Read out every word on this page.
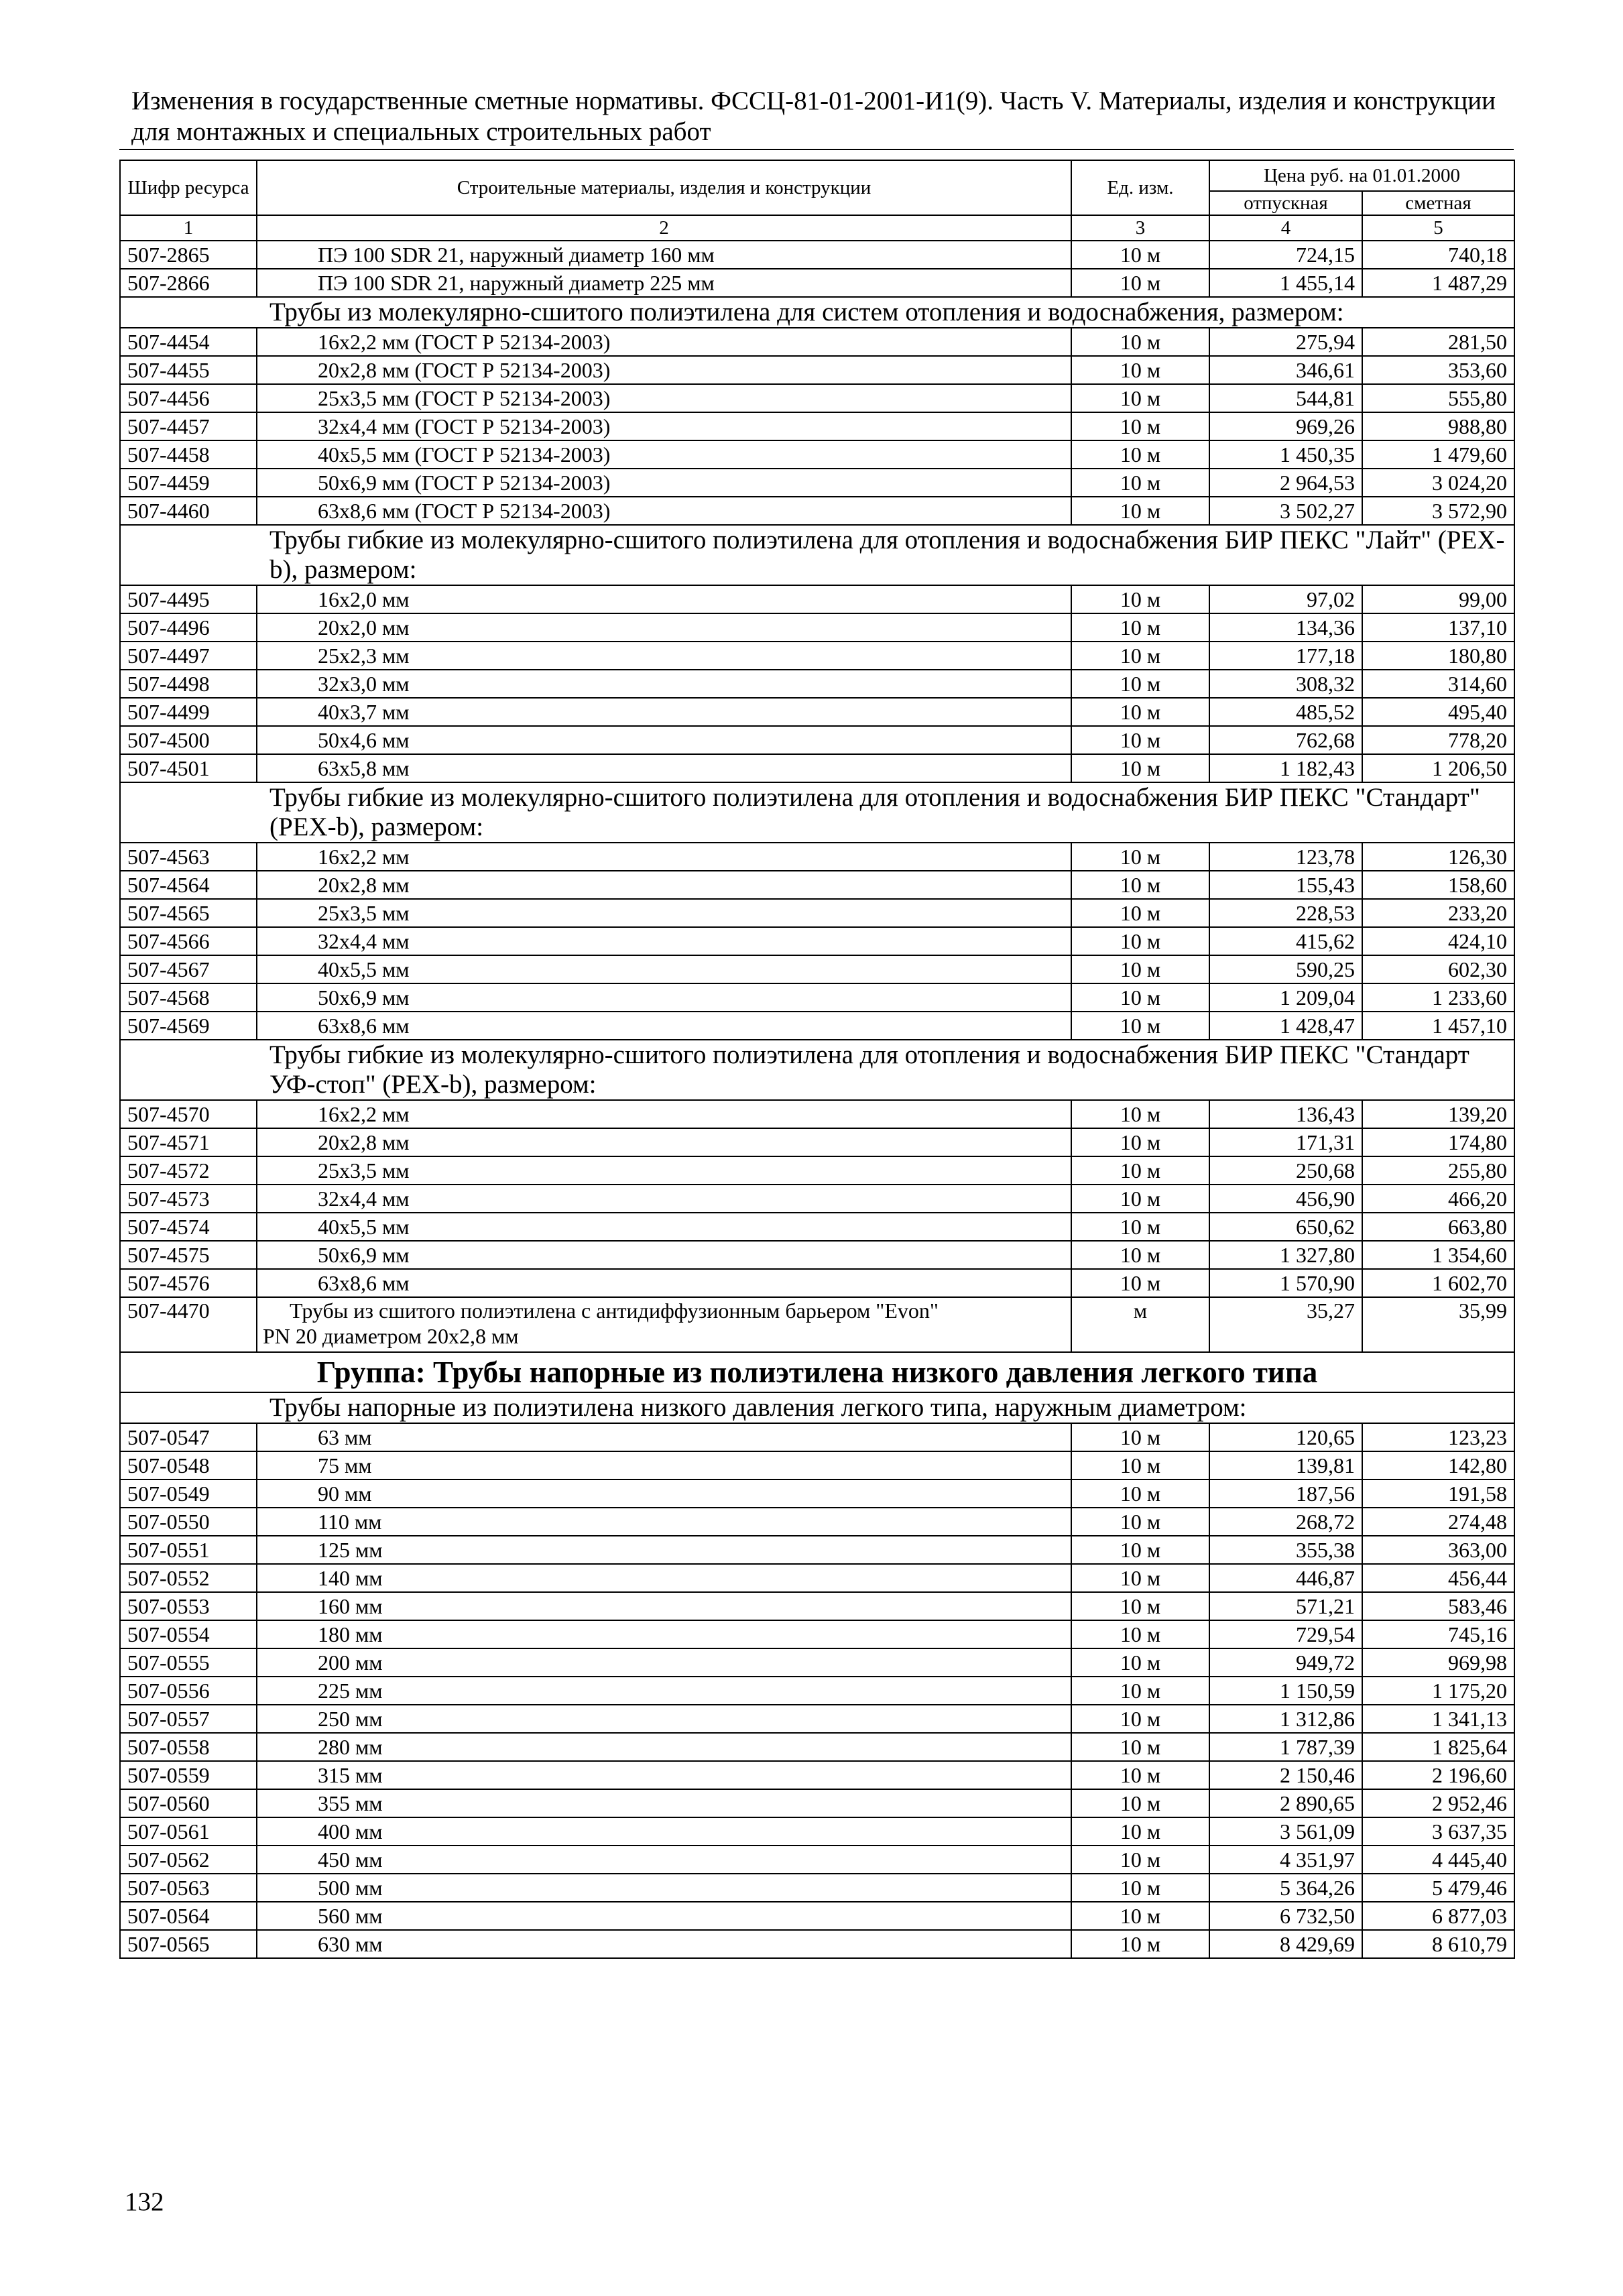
Изменения в государственные сметные нормативы. ФССЦ-81-01-2001-И1(9). Часть V. Материалы, изделия и конструкции для монтажных и специальных строительных работ
Шифр ресурса	Строительные материалы, изделия и конструкции	Ед. изм.	Цена руб. на 01.01.2000	
			отпускная	сметная
1	2	3	4	5
507-2865	ПЭ 100 SDR 21, наружный диаметр 160 мм	10 м	724,15	740,18
507-2866	ПЭ 100 SDR 21, наружный диаметр 225 мм	10 м	1 455,14	1 487,29
Трубы из молекулярно-сшитого полиэтилена для систем отопления и водоснабжения, размером:				
507-4454	16х2,2 мм (ГОСТ Р 52134-2003)	10 м	275,94	281,50
507-4455	20х2,8 мм (ГОСТ Р 52134-2003)	10 м	346,61	353,60
507-4456	25х3,5 мм (ГОСТ Р 52134-2003)	10 м	544,81	555,80
507-4457	32х4,4 мм (ГОСТ Р 52134-2003)	10 м	969,26	988,80
507-4458	40х5,5 мм (ГОСТ Р 52134-2003)	10 м	1 450,35	1 479,60
507-4459	50х6,9 мм (ГОСТ Р 52134-2003)	10 м	2 964,53	3 024,20
507-4460	63х8,6 мм (ГОСТ Р 52134-2003)	10 м	3 502,27	3 572,90
Трубы гибкие из молекулярно-сшитого полиэтилена для отопления и водоснабжения БИР ПЕКС "Лайт" (PEX-b), размером:				
507-4495	16х2,0 мм	10 м	97,02	99,00
507-4496	20х2,0 мм	10 м	134,36	137,10
507-4497	25х2,3 мм	10 м	177,18	180,80
507-4498	32х3,0 мм	10 м	308,32	314,60
507-4499	40х3,7 мм	10 м	485,52	495,40
507-4500	50х4,6 мм	10 м	762,68	778,20
507-4501	63х5,8 мм	10 м	1 182,43	1 206,50
Трубы гибкие из молекулярно-сшитого полиэтилена для отопления и водоснабжения БИР ПЕКС "Стандарт" (PEX-b), размером:				
507-4563	16х2,2 мм	10 м	123,78	126,30
507-4564	20х2,8 мм	10 м	155,43	158,60
507-4565	25х3,5 мм	10 м	228,53	233,20
507-4566	32х4,4 мм	10 м	415,62	424,10
507-4567	40х5,5 мм	10 м	590,25	602,30
507-4568	50х6,9 мм	10 м	1 209,04	1 233,60
507-4569	63х8,6 мм	10 м	1 428,47	1 457,10
Трубы гибкие из молекулярно-сшитого полиэтилена для отопления и водоснабжения БИР ПЕКС "Стандарт УФ-стоп" (PEX-b), размером:				
507-4570	16х2,2 мм	10 м	136,43	139,20
507-4571	20х2,8 мм	10 м	171,31	174,80
507-4572	25х3,5 мм	10 м	250,68	255,80
507-4573	32х4,4 мм	10 м	456,90	466,20
507-4574	40х5,5 мм	10 м	650,62	663,80
507-4575	50х6,9 мм	10 м	1 327,80	1 354,60
507-4576	63х8,6 мм	10 м	1 570,90	1 602,70
507-4470	Трубы из сшитого полиэтилена с антидиффузионным барьером "Evon"
PN 20 диаметром 20х2,8 мм	м	35,27	35,99
Группа: Трубы напорные из полиэтилена низкого давления легкого типа				
Трубы напорные из полиэтилена низкого давления легкого типа, наружным диаметром:				
507-0547	63 мм	10 м	120,65	123,23
507-0548	75 мм	10 м	139,81	142,80
507-0549	90 мм	10 м	187,56	191,58
507-0550	110 мм	10 м	268,72	274,48
507-0551	125 мм	10 м	355,38	363,00
507-0552	140 мм	10 м	446,87	456,44
507-0553	160 мм	10 м	571,21	583,46
507-0554	180 мм	10 м	729,54	745,16
507-0555	200 мм	10 м	949,72	969,98
507-0556	225 мм	10 м	1 150,59	1 175,20
507-0557	250 мм	10 м	1 312,86	1 341,13
507-0558	280 мм	10 м	1 787,39	1 825,64
507-0559	315 мм	10 м	2 150,46	2 196,60
507-0560	355 мм	10 м	2 890,65	2 952,46
507-0561	400 мм	10 м	3 561,09	3 637,35
507-0562	450 мм	10 м	4 351,97	4 445,40
507-0563	500 мм	10 м	5 364,26	5 479,46
507-0564	560 мм	10 м	6 732,50	6 877,03
507-0565	630 мм	10 м	8 429,69	8 610,79
132
